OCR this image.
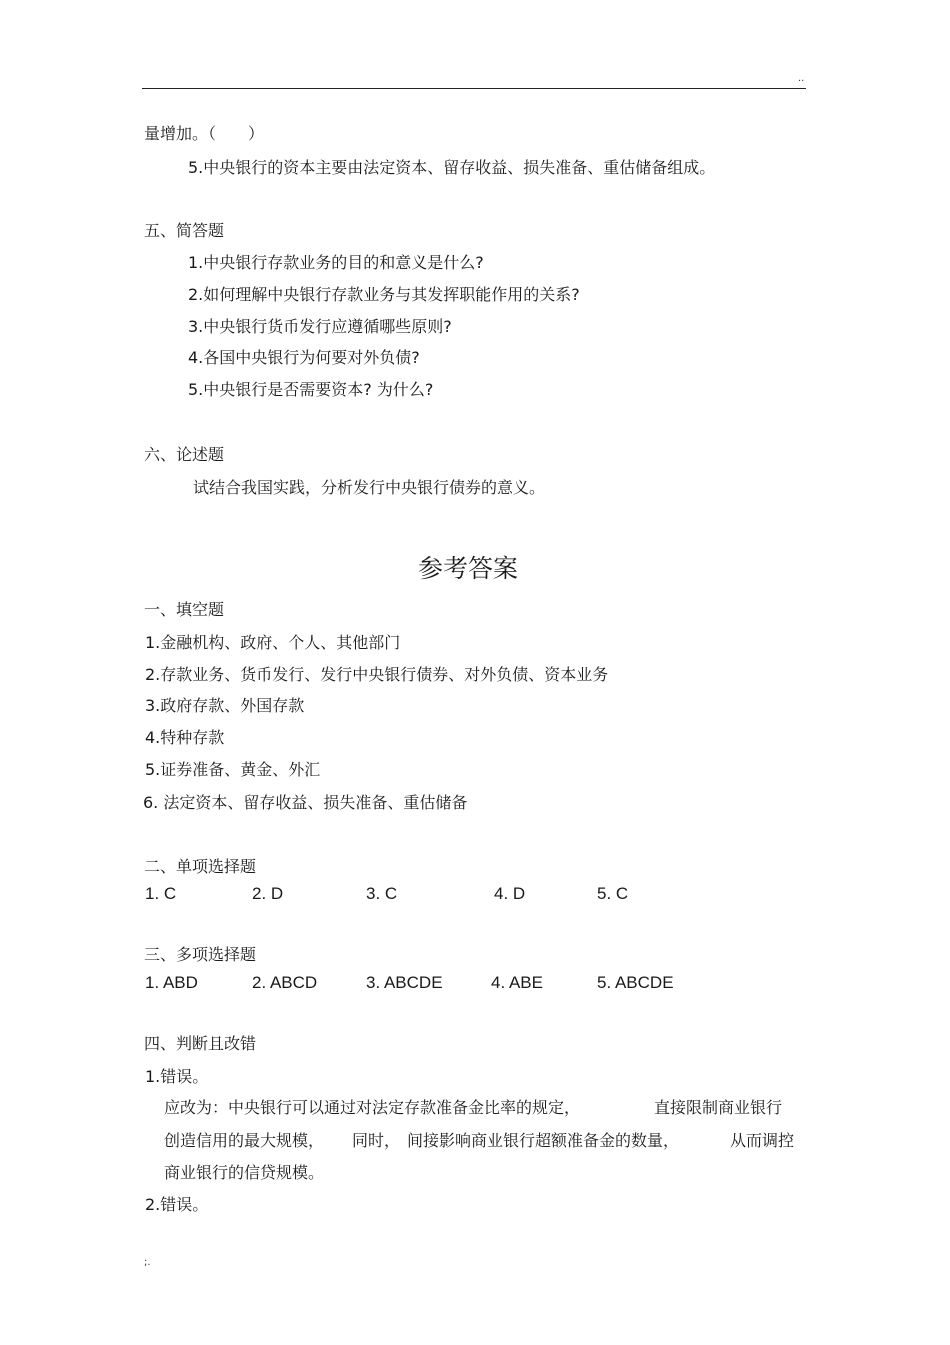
..
量增加。（　　）
5.中央银行的资本主要由法定资本、留存收益、损失准备、重估储备组成。
五、简答题
1.中央银行存款业务的目的和意义是什么?
2.如何理解中央银行存款业务与其发挥职能作用的关系?
3.中央银行货币发行应遵循哪些原则?
4.各国中央银行为何要对外负债?
5.中央银行是否需要资本? 为什么?
六、论述题
试结合我国实践，分析发行中央银行债券的意义。
参考答案
一、填空题
1.金融机构、政府、个人、其他部门
2.存款业务、货币发行、发行中央银行债券、对外负债、资本业务
3.政府存款、外国存款
4.特种存款
5.证券准备、黄金、外汇
6. 法定资本、留存收益、损失准备、重估储备
二、单项选择题
1. C	2. D	3. C	4. D	5. C
三、多项选择题
1. ABD	2. ABCD	3. ABCDE	4. ABE	5. ABCDE
四、判断且改错
1.错误。
应改为：中央银行可以通过对法定存款准备金比率的规定，	直接限制商业银行
创造信用的最大规模， 同时， 间接影响商业银行超额准备金的数量，	从而调控
商业银行的信贷规模。
2.错误。
;.
